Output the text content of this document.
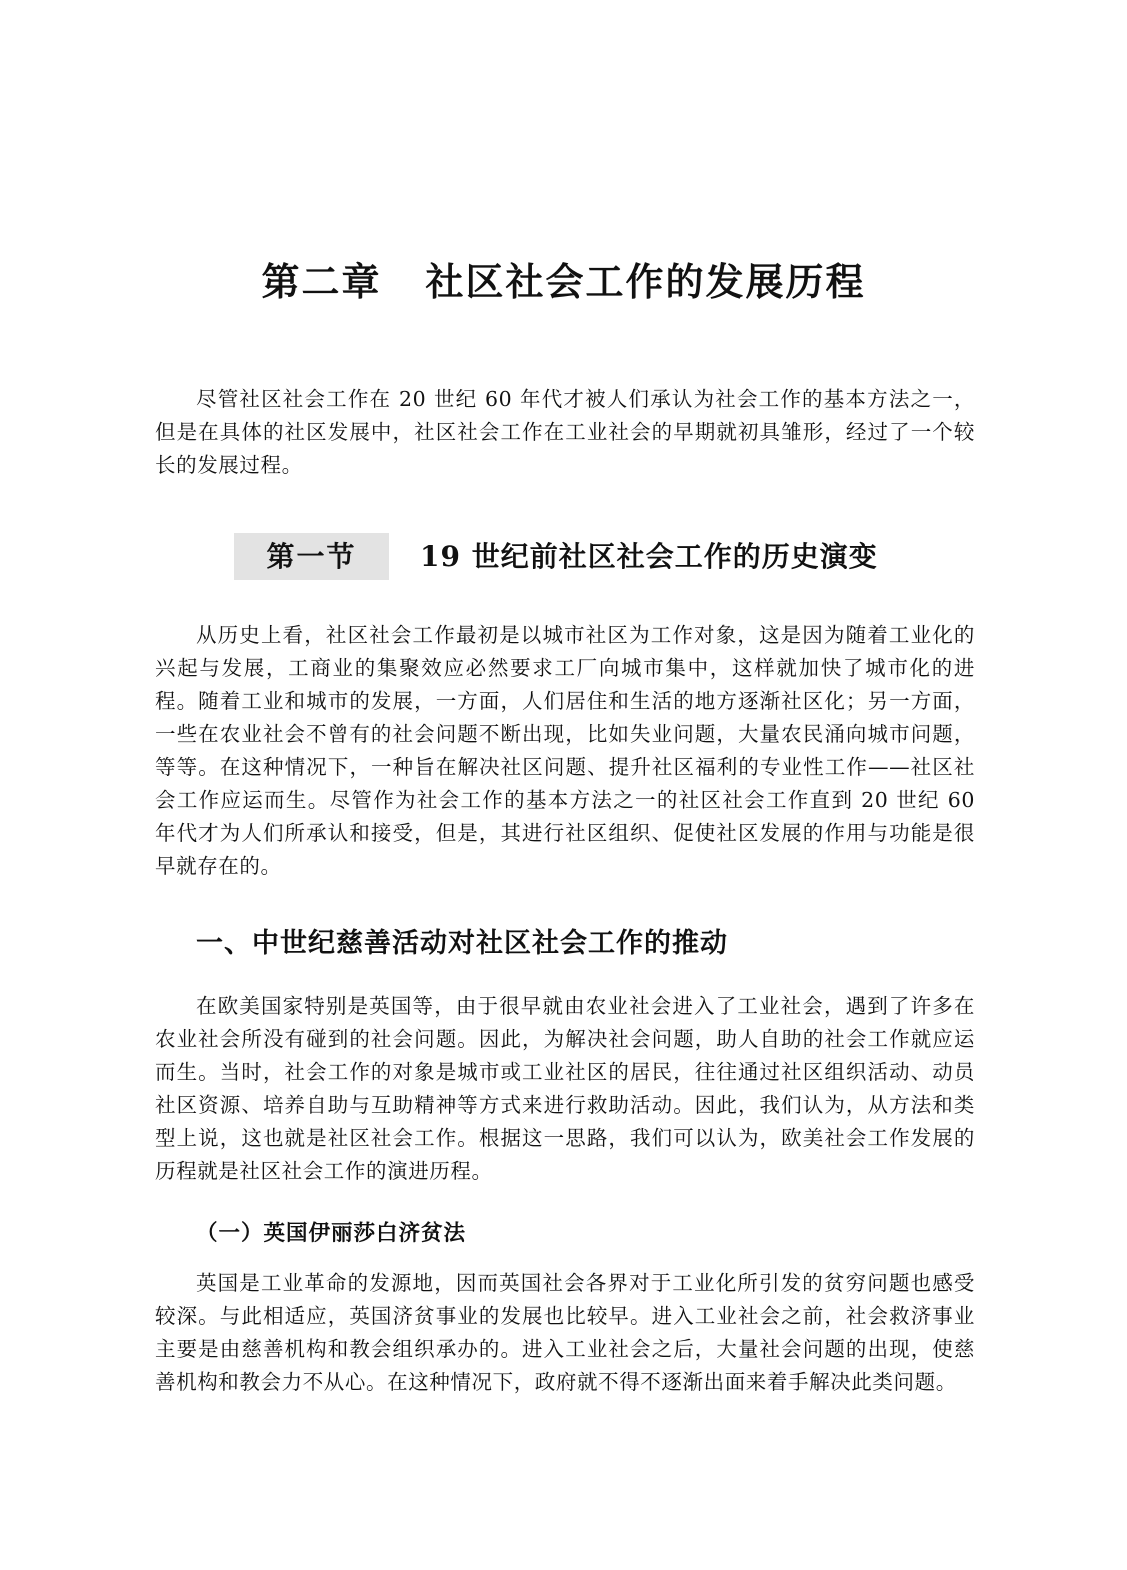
第二章 社区社会工作的发展历程

尽管社区社会工作在 20 世纪 60 年代才被人们承认为社会工作的基本方法之一，但是在具体的社区发展中，社区社会工作在工业社会的早期就初具雏形，经过了一个较长的发展过程。

第一节	19 世纪前社区社会工作的历史演变

从历史上看，社区社会工作最初是以城市社区为工作对象，这是因为随着工业化的兴起与发展，工商业的集聚效应必然要求工厂向城市集中，这样就加快了城市化的进程。随着工业和城市的发展，一方面，人们居住和生活的地方逐渐社区化；另一方面，一些在农业社会不曾有的社会问题不断出现，比如失业问题，大量农民涌向城市问题，等等。在这种情况下，一种旨在解决社区问题、提升社区福利的专业性工作——社区社会工作应运而生。尽管作为社会工作的基本方法之一的社区社会工作直到 20 世纪 60 年代才为人们所承认和接受，但是，其进行社区组织、促使社区发展的作用与功能是很早就存在的。

一、中世纪慈善活动对社区社会工作的推动

在欧美国家特别是英国等，由于很早就由农业社会进入了工业社会，遇到了许多在农业社会所没有碰到的社会问题。因此，为解决社会问题，助人自助的社会工作就应运而生。当时，社会工作的对象是城市或工业社区的居民，往往通过社区组织活动、动员社区资源、培养自助与互助精神等方式来进行救助活动。因此，我们认为，从方法和类型上说，这也就是社区社会工作。根据这一思路，我们可以认为，欧美社会工作发展的历程就是社区社会工作的演进历程。

（一）英国伊丽莎白济贫法

英国是工业革命的发源地，因而英国社会各界对于工业化所引发的贫穷问题也感受较深。与此相适应，英国济贫事业的发展也比较早。进入工业社会之前，社会救济事业主要是由慈善机构和教会组织承办的。进入工业社会之后，大量社会问题的出现，使慈善机构和教会力不从心。在这种情况下，政府就不得不逐渐出面来着手解决此类问题。
